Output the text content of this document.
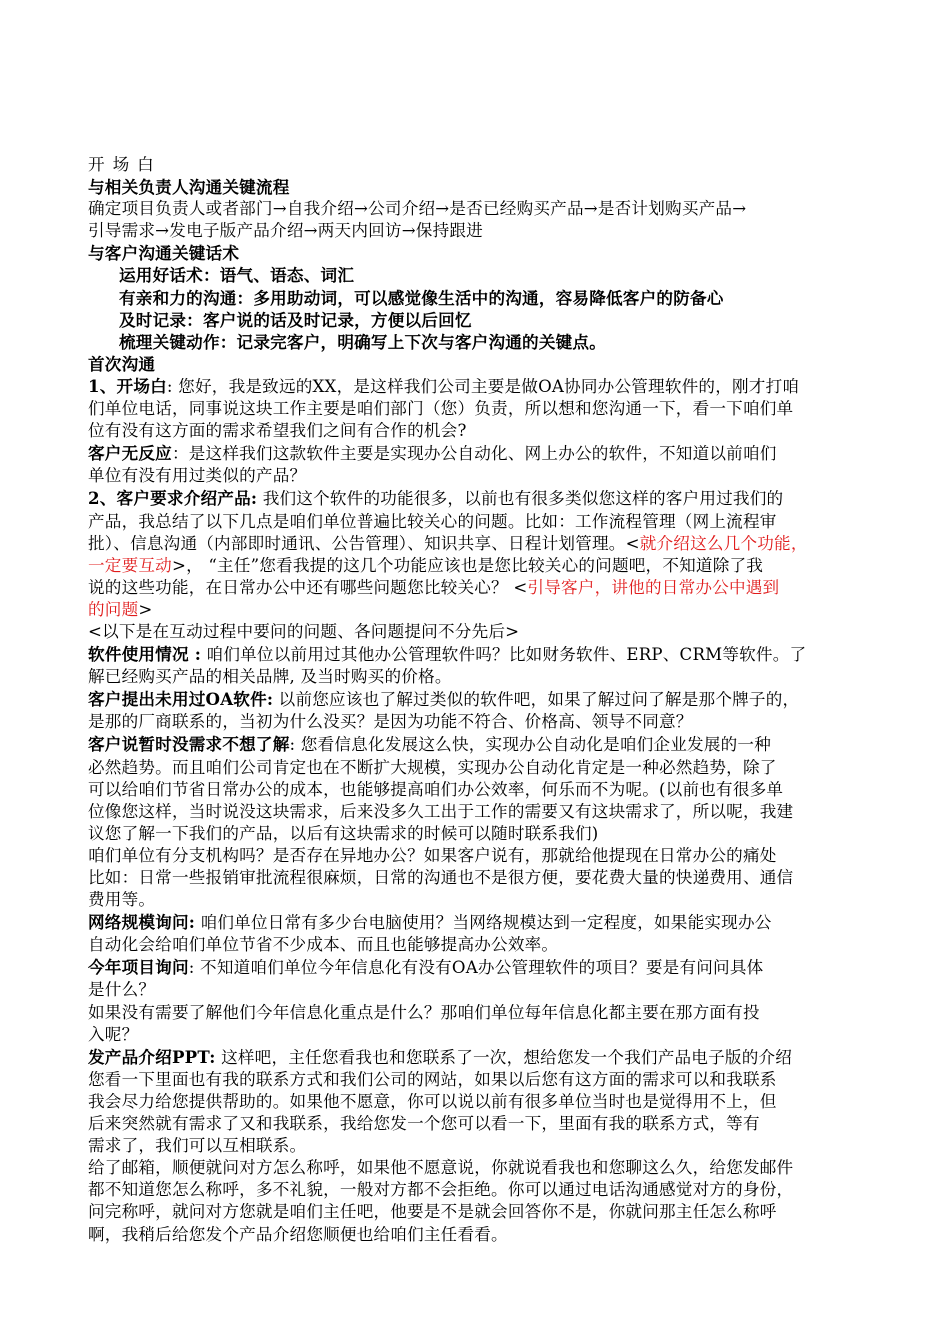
开场白
与相关负责人沟通关键流程
确定项目负责人或者部门→自我介绍→公司介绍→是否已经购买产品→是否计划购买产品→
引导需求→发电子版产品介绍→两天内回访→保持跟进
与客户沟通关键话术
运用好话术：语气、语态、词汇
有亲和力的沟通：多用助动词，可以感觉像生活中的沟通，容易降低客户的防备心
及时记录：客户说的话及时记录，方便以后回忆
梳理关键动作：记录完客户，明确写上下次与客户沟通的关键点。
首次沟通
1、开场白: 您好，我是致远的XX，是这样我们公司主要是做OA协同办公管理软件的，刚才打咱
们单位电话，同事说这块工作主要是咱们部门（您）负责，所以想和您沟通一下，看一下咱们单
位有没有这方面的需求希望我们之间有合作的机会?
客户无反应：是这样我们这款软件主要是实现办公自动化、网上办公的软件，不知道以前咱们
单位有没有用过类似的产品？
2、客户要求介绍产品: 我们这个软件的功能很多，以前也有很多类似您这样的客户用过我们的
产品，我总结了以下几点是咱们单位普遍比较关心的问题。比如：工作流程管理（网上流程审
批）、信息沟通（内部即时通讯、公告管理）、知识共享、日程计划管理。<就介绍这么几个功能，
一定要互动>， “主任”您看我提的这几个功能应该也是您比较关心的问题吧，不知道除了我
说的这些功能，在日常办公中还有哪些问题您比较关心？ <引导客户，讲他的日常办公中遇到
的问题>
<以下是在互动过程中要问的问题、各问题提问不分先后>
软件使用情况 : 咱们单位以前用过其他办公管理软件吗？比如财务软件、ERP、CRM等软件。了
解已经购买产品的相关品牌, 及当时购买的价格。
客户提出未用过OA软件: 以前您应该也了解过类似的软件吧，如果了解过问了解是那个牌子的，
是那的厂商联系的，当初为什么没买？是因为功能不符合、价格高、领导不同意？
客户说暂时没需求不想了解: 您看信息化发展这么快，实现办公自动化是咱们企业发展的一种
必然趋势。而且咱们公司肯定也在不断扩大规模，实现办公自动化肯定是一种必然趋势，除了
可以给咱们节省日常办公的成本，也能够提高咱们办公效率，何乐而不为呢。(以前也有很多单
位像您这样，当时说没这块需求，后来没多久工出于工作的需要又有这块需求了，所以呢，我建
议您了解一下我们的产品，以后有这块需求的时候可以随时联系我们)
咱们单位有分支机构吗？是否存在异地办公？如果客户说有，那就给他提现在日常办公的痛处
比如：日常一些报销审批流程很麻烦，日常的沟通也不是很方便，要花费大量的快递费用、通信
费用等。
网络规模询问: 咱们单位日常有多少台电脑使用？当网络规模达到一定程度，如果能实现办公
自动化会给咱们单位节省不少成本、而且也能够提高办公效率。
今年项目询问: 不知道咱们单位今年信息化有没有OA办公管理软件的项目？要是有问问具体
是什么？
如果没有需要了解他们今年信息化重点是什么？那咱们单位每年信息化都主要在那方面有投
入呢？
发产品介绍PPT: 这样吧，主任您看我也和您联系了一次，想给您发一个我们产品电子版的介绍
您看一下里面也有我的联系方式和我们公司的网站，如果以后您有这方面的需求可以和我联系
我会尽力给您提供帮助的。如果他不愿意，你可以说以前有很多单位当时也是觉得用不上，但
后来突然就有需求了又和我联系，我给您发一个您可以看一下，里面有我的联系方式，等有
需求了，我们可以互相联系。
给了邮箱，顺便就问对方怎么称呼，如果他不愿意说，你就说看我也和您聊这么久，给您发邮件
都不知道您怎么称呼，多不礼貌，一般对方都不会拒绝。你可以通过电话沟通感觉对方的身份，
问完称呼，就问对方您就是咱们主任吧，他要是不是就会回答你不是，你就问那主任怎么称呼
啊，我稍后给您发个产品介绍您顺便也给咱们主任看看。
